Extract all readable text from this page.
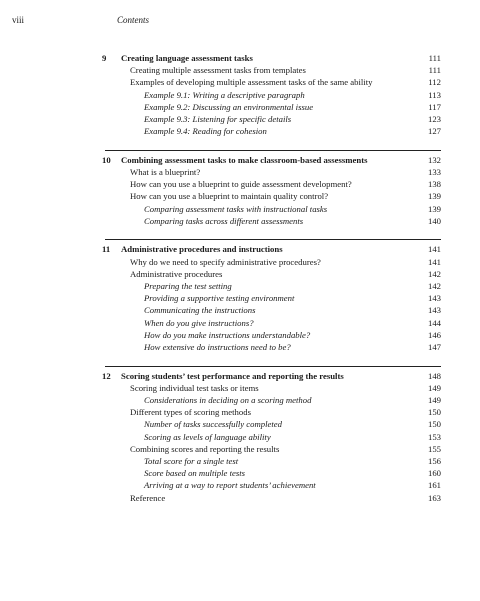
viii	Contents
9 Creating language assessment tasks	111
Creating multiple assessment tasks from templates	111
Examples of developing multiple assessment tasks of the same ability	112
Example 9.1: Writing a descriptive paragraph	113
Example 9.2: Discussing an environmental issue	117
Example 9.3: Listening for specific details	123
Example 9.4: Reading for cohesion	127
10 Combining assessment tasks to make classroom-based assessments	132
What is a blueprint?	133
How can you use a blueprint to guide assessment development?	138
How can you use a blueprint to maintain quality control?	139
Comparing assessment tasks with instructional tasks	139
Comparing tasks across different assessments	140
11 Administrative procedures and instructions	141
Why do we need to specify administrative procedures?	141
Administrative procedures	142
Preparing the test setting	142
Providing a supportive testing environment	143
Communicating the instructions	143
When do you give instructions?	144
How do you make instructions understandable?	146
How extensive do instructions need to be?	147
12 Scoring students’ test performance and reporting the results	148
Scoring individual test tasks or items	149
Considerations in deciding on a scoring method	149
Different types of scoring methods	150
Number of tasks successfully completed	150
Scoring as levels of language ability	153
Combining scores and reporting the results	155
Total score for a single test	156
Score based on multiple tests	160
Arriving at a way to report students’ achievement	161
Reference	163
